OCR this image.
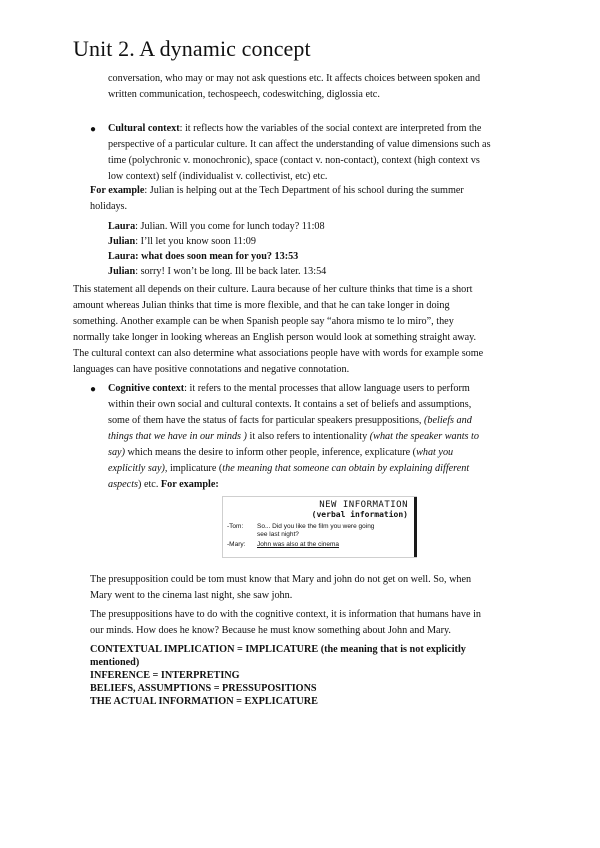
Unit 2. A dynamic concept
conversation, who may or may not ask questions etc. It affects choices between spoken and
written communication, techospeech, codeswitching, diglossia etc.
● Cultural context: it reflects how the variables of the social context are interpreted from the
perspective of a particular culture. It can affect the understanding of value dimensions such as
time (polychronic v. monochronic), space (contact v. non-contact), context (high context vs
low context) self (individualist v. collectivist, etc) etc.
For example: Julian is helping out at the Tech Department of his school during the summer
holidays.
Laura: Julian. Will you come for lunch today? 11:08
Julian: I’ll let you know soon 11:09
Laura: what does soon mean for you? 13:53
Julian: sorry! I won’t be long. Ill be back later. 13:54
This statement all depends on their culture. Laura because of her culture thinks that time is a short
amount whereas Julian thinks that time is more flexible, and that he can take longer in doing
something. Another example can be when Spanish people say “ahora mismo te lo miro”, they
normally take longer in looking whereas an English person would look at something straight away.
The cultural context can also determine what associations people have with words for example some
languages can have positive connotations and negative connotation.
● Cognitive context: it refers to the mental processes that allow language users to perform
within their own social and cultural contexts. It contains a set of beliefs and assumptions,
some of them have the status of facts for particular speakers presuppositions, (beliefs and
things that we have in our minds ) it also refers to intentionality (what the speaker wants to
say) which means the desire to inform other people, inference, explicature (what you
explicitly say), implicature (the meaning that someone can obtain by explaining different
aspects) etc. For example:
NEW INFORMATION
(verbal information)
-Tom: So... Did you like the film you were going
see last night?
-Mary: John was also at the cinema
The presupposition could be tom must know that Mary and john do not get on well. So, when
Mary went to the cinema last night, she saw john.
The presuppositions have to do with the cognitive context, it is information that humans have in
our minds. How does he know? Because he must know something about John and Mary.
CONTEXTUAL IMPLICATION = IMPLICATURE (the meaning that is not explicitly
mentioned)
INFERENCE = INTERPRETING
BELIEFS, ASSUMPTIONS = PRESSUPOSITIONS
THE ACTUAL INFORMATION = EXPLICATURE
